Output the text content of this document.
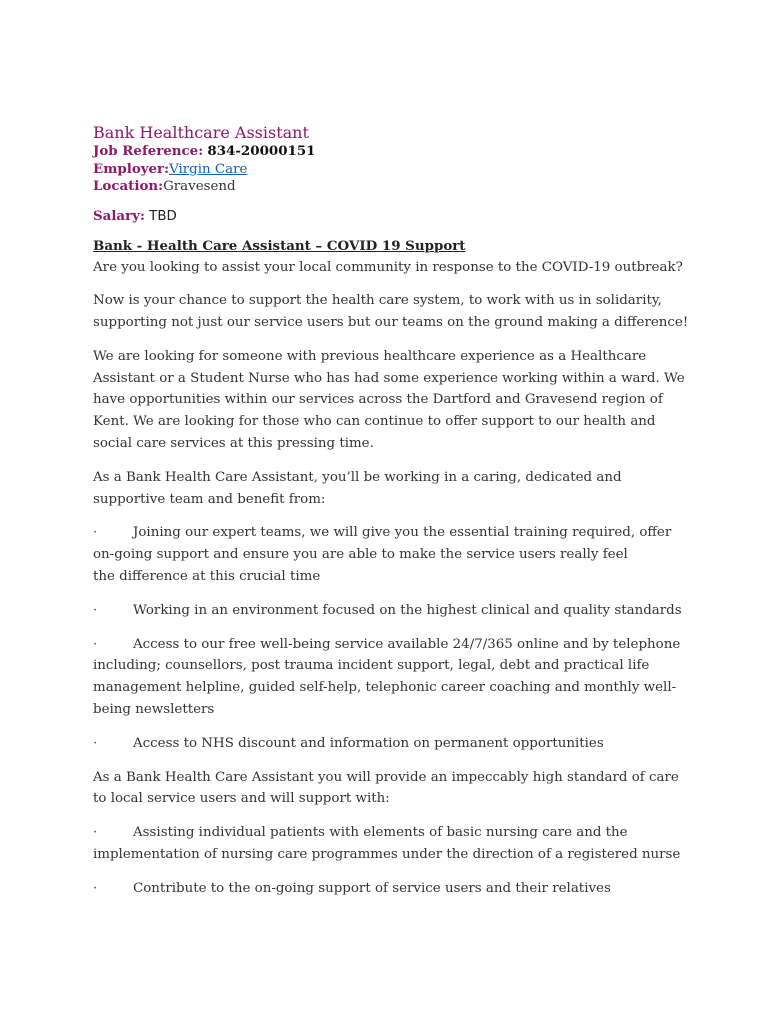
Bank Healthcare Assistant
Job Reference: 834-20000151
Employer:Virgin Care
Location:Gravesend
Salary: TBD
Bank - Health Care Assistant – COVID 19 Support

Are you looking to assist your local community in response to the COVID-19 outbreak?

Now is your chance to support the health care system, to work with us in solidarity, supporting not just our service users but our teams on the ground making a difference!

We are looking for someone with previous healthcare experience as a Healthcare Assistant or a Student Nurse who has had some experience working within a ward. We have opportunities within our services across the Dartford and Gravesend region of Kent. We are looking for those who can continue to offer support to our health and social care services at this pressing time.

As a Bank Health Care Assistant, you’ll be working in a caring, dedicated and supportive team and benefit from:

·	Joining our expert teams, we will give you the essential training required, offer on-going support and ensure you are able to make the service users really feel
the difference at this crucial time

·	Working in an environment focused on the highest clinical and quality standards

·	Access to our free well-being service available 24/7/365 online and by telephone including; counsellors, post trauma incident support, legal, debt and practical life management helpline, guided self-help, telephonic career coaching and monthly well-being newsletters

·	Access to NHS discount and information on permanent opportunities

As a Bank Health Care Assistant you will provide an impeccably high standard of care
to local service users and will support with:

·	Assisting individual patients with elements of basic nursing care and the implementation of nursing care programmes under the direction of a registered nurse

·	Contribute to the on-going support of service users and their relatives
